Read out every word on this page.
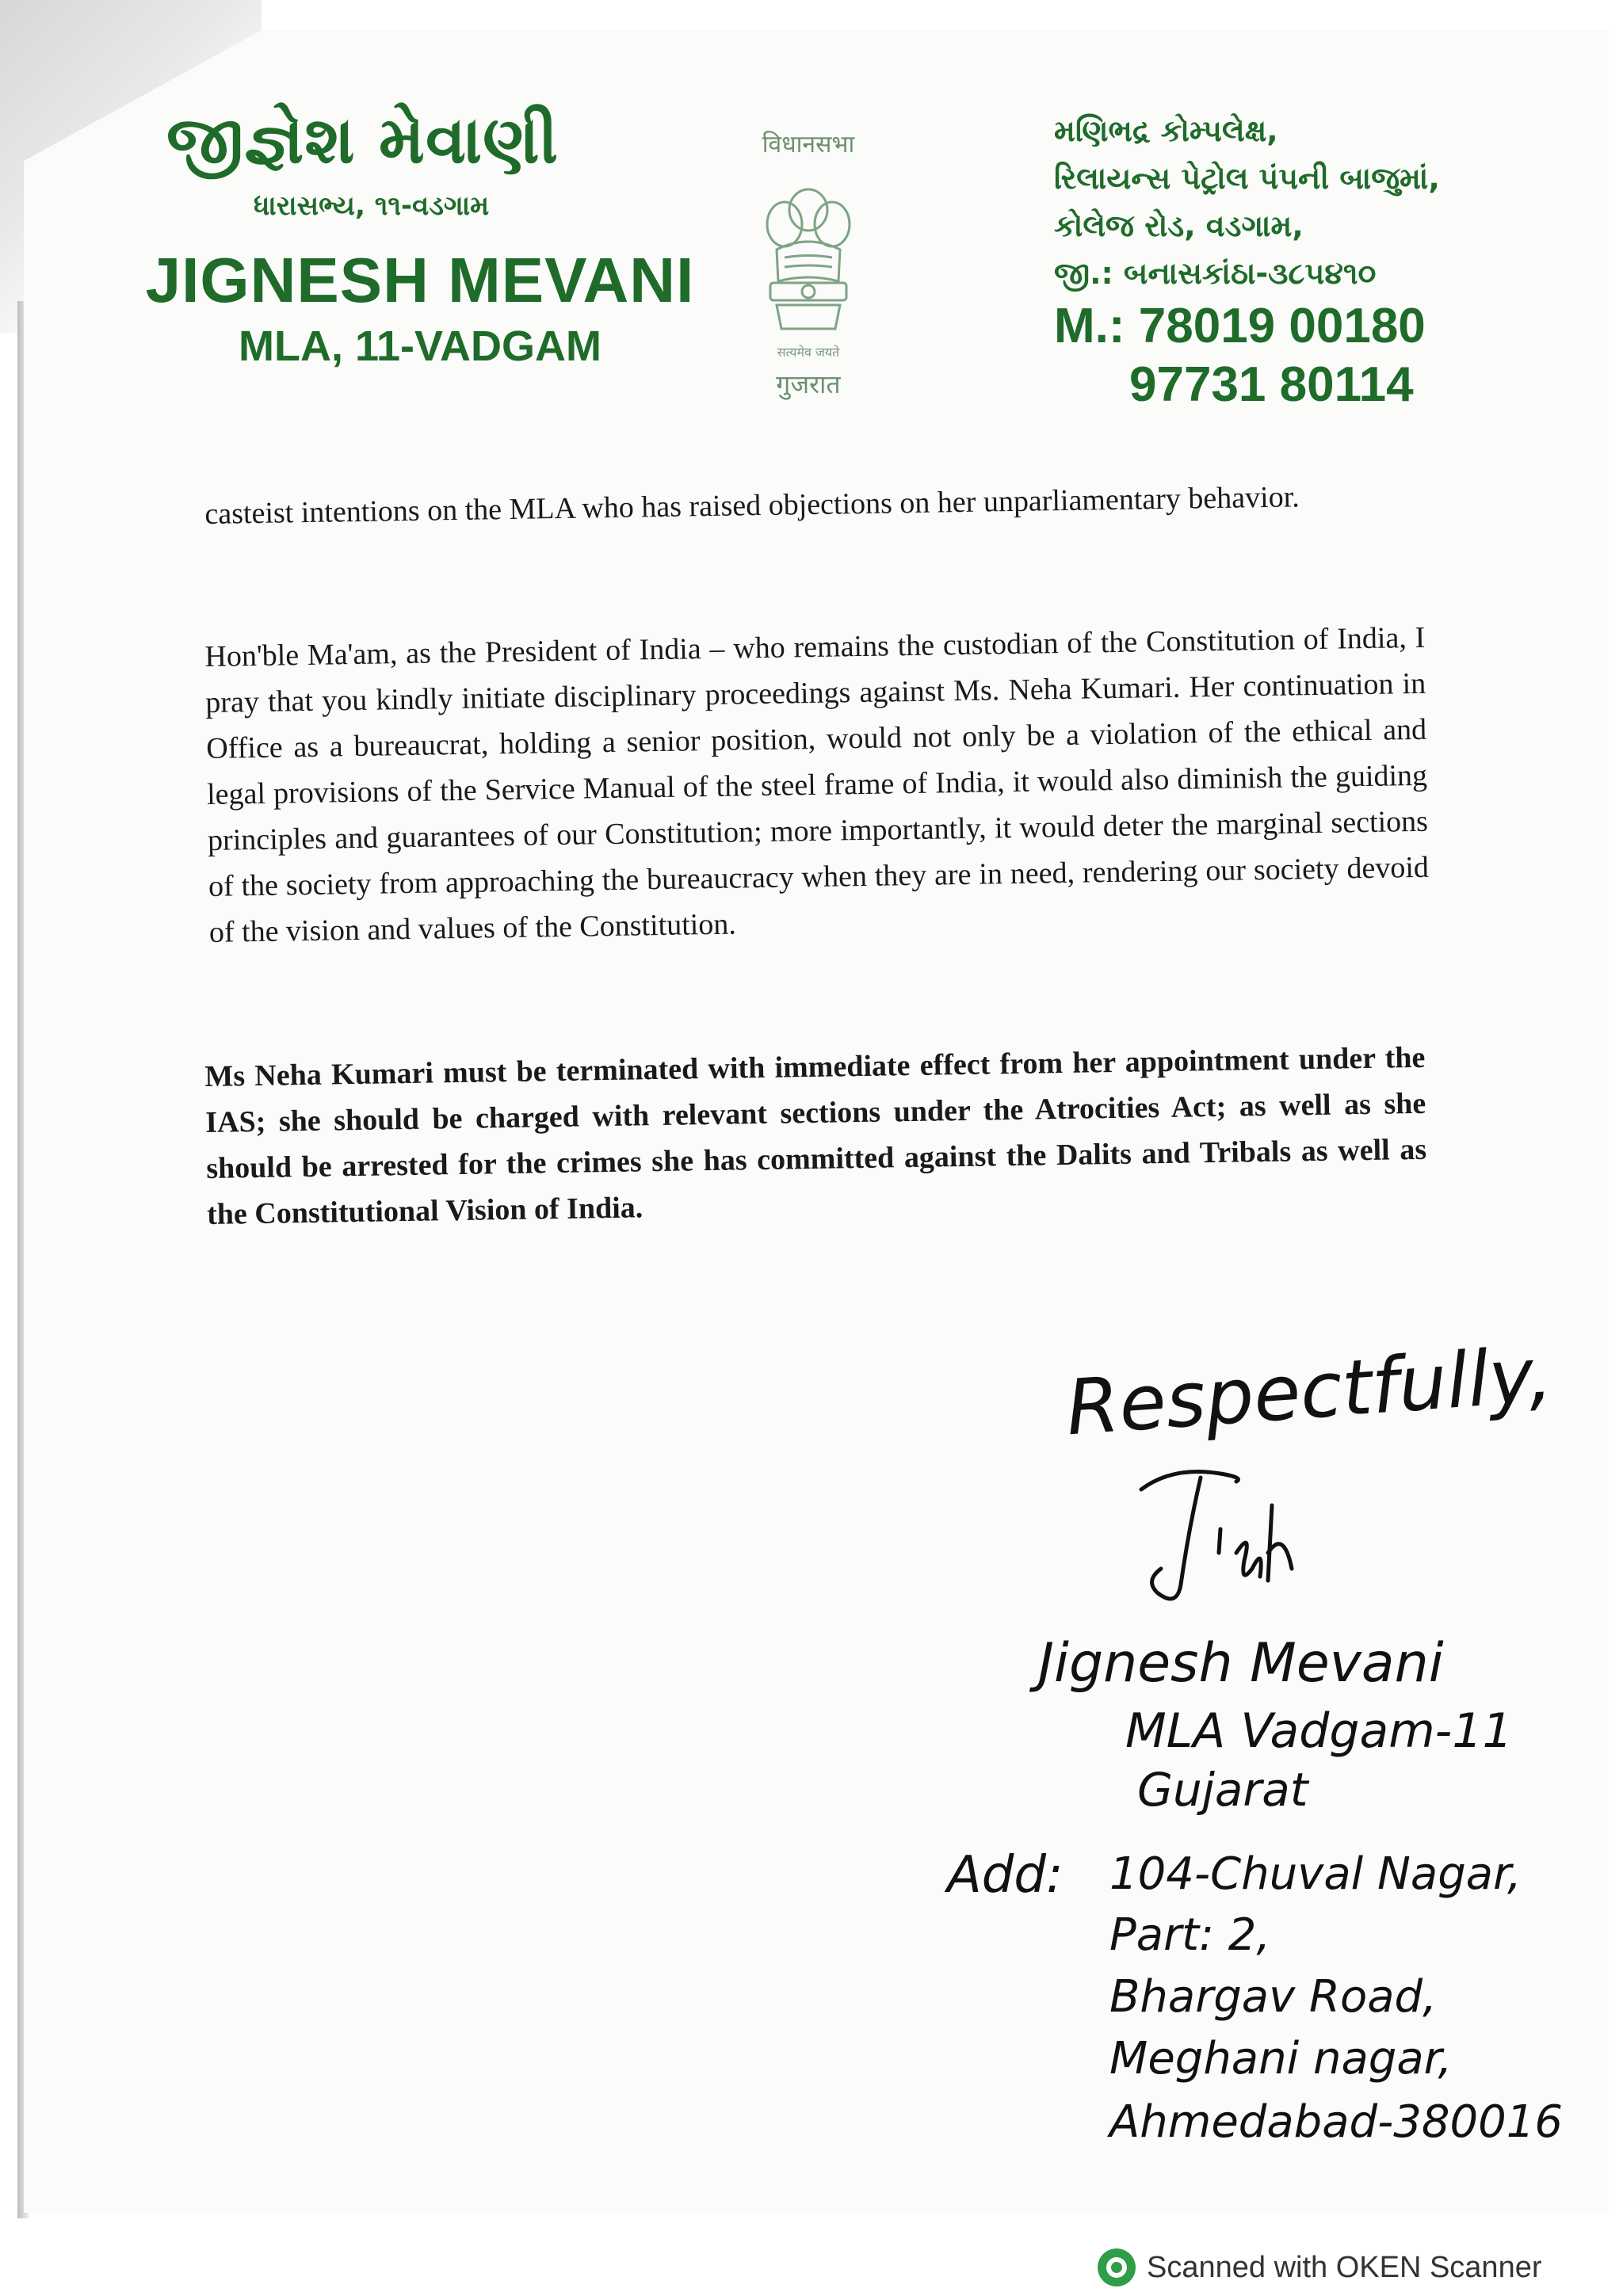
જીજ્ઞેશ મેવાણી
ધારાસભ્ય, ૧૧-વડગામ
JIGNESH MEVANI
MLA, 11-VADGAM
विधानसभा
सत्यमेव जयते
गुजरात
મણિભદ્ર કોમ્પલેક્ષ,
રિલાયન્સ પેટ્રોલ પંપની બાજુમાં,
કોલેજ રોડ, વડગામ,
જી.: બનાસકાંઠા-૩૮૫૪૧૦
M.: 78019 00180
97731 80114
casteist intentions on the MLA who has raised objections on her unparliamentary behavior.
Hon'ble Ma'am, as the President of India – who remains the custodian of the Constitution of India, I pray that you kindly initiate disciplinary proceedings against Ms. Neha Kumari. Her continuation in Office as a bureaucrat, holding a senior position, would not only be a violation of the ethical and legal provisions of the Service Manual of the steel frame of India, it would also diminish the guiding principles and guarantees of our Constitution; more importantly, it would deter the marginal sections of the society from approaching the bureaucracy when they are in need, rendering our society devoid of the vision and values of the Constitution.
Ms Neha Kumari must be terminated with immediate effect from her appointment under the IAS; she should be charged with relevant sections under the Atrocities Act; as well as she should be arrested for the crimes she has committed against the Dalits and Tribals as well as the Constitutional Vision of India.
Respectfully,
Jignesh Mevani
MLA Vadgam-11
Gujarat
Add: 104-Chuval Nagar,
Part: 2,
Bhargav Road,
Meghani nagar,
Ahmedabad-380016
Scanned with OKEN Scanner
